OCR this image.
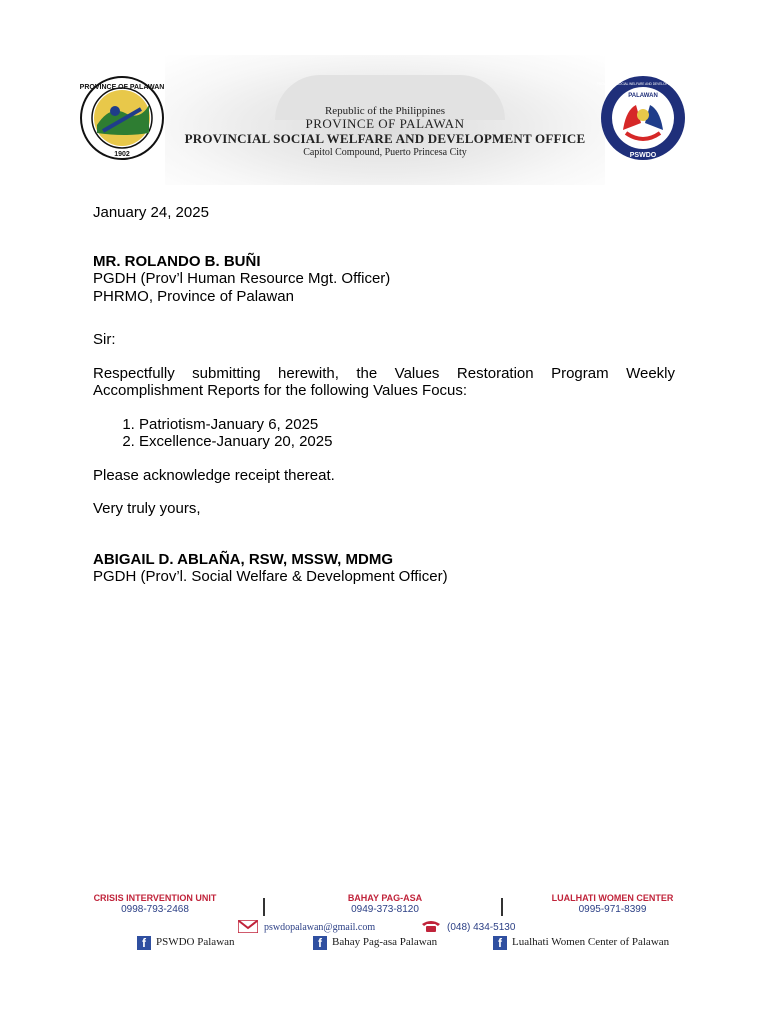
PROVINCE OF PALAWAN
1902
Republic of the Philippines
PROVINCE OF PALAWAN
PROVINCIAL SOCIAL WELFARE AND DEVELOPMENT OFFICE
Capitol Compound, Puerto Princesa City
PALAWAN
PSWDO
PROVINCIAL SOCIAL WELFARE AND DEVELOPMENT OFFICE

January 24, 2025

MR. ROLANDO B. BUÑI

PGDH (Prov’l Human Resource Mgt. Officer)

PHRMO, Province of Palawan

Sir:

Respectfully submitting herewith, the Values Restoration Program Weekly Accomplishment Reports for the following Values Focus:

1. Patriotism-January 6, 2025
2. Excellence-January 20, 2025

Please acknowledge receipt thereat.

Very truly yours,

ABIGAIL D. ABLAÑA, RSW, MSSW, MDMG

PGDH (Prov’l. Social Welfare & Development Officer)

CRISIS INTERVENTION UNIT
0998-793-2468
BAHAY PAG-ASA
0949-373-8120
LUALHATI WOMEN CENTER
0995-971-8399
pswdopalawan@gmail.com	(048) 434-5130
f PSWDO Palawan	f Bahay Pag-asa Palawan	f Lualhati Women Center of Palawan
